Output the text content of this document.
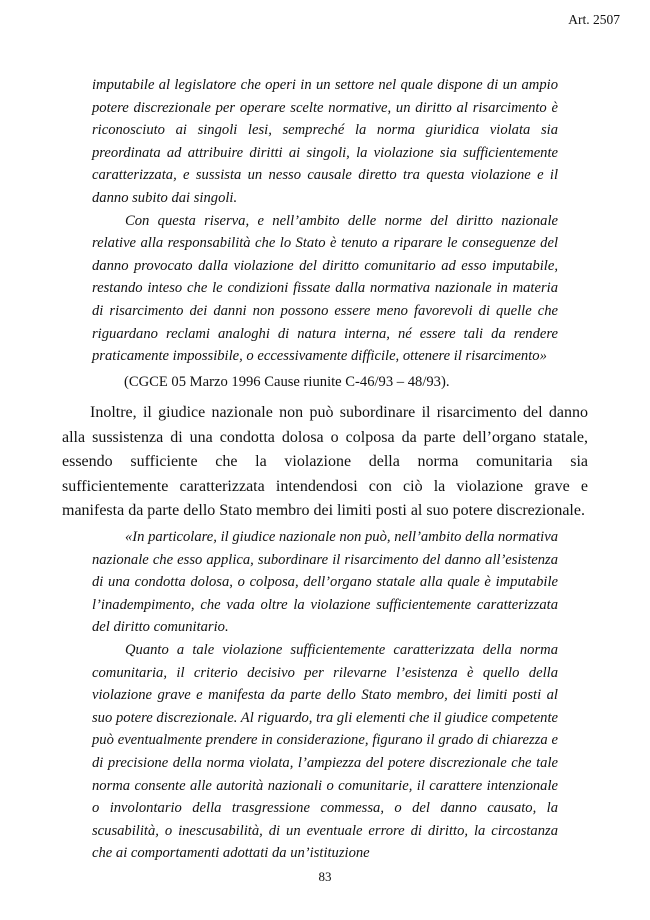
Art. 2507

imputabile al legislatore che operi in un settore nel quale dispone di un ampio potere discrezionale per operare scelte normative, un diritto al risarcimento è riconosciuto ai singoli lesi, sempreché la norma giuridica violata sia preordinata ad attribuire diritti ai singoli, la violazione sia sufficientemente caratterizzata, e sussista un nesso causale diretto tra questa violazione e il danno subito dai singoli.

Con questa riserva, e nell’ambito delle norme del diritto nazionale relative alla responsabilità che lo Stato è tenuto a riparare le conseguenze del danno provocato dalla violazione del diritto comunitario ad esso imputabile, restando inteso che le condizioni fissate dalla normativa nazionale in materia di risarcimento dei danni non possono essere meno favorevoli di quelle che riguardano reclami analoghi di natura interna, né essere tali da rendere praticamente impossibile, o eccessivamente difficile, ottenere il risarcimento»

(CGCE 05 Marzo 1996 Cause riunite C-46/93 – 48/93).

Inoltre, il giudice nazionale non può subordinare il risarcimento del danno alla sussistenza di una condotta dolosa o colposa da parte dell’organo statale, essendo sufficiente che la violazione della norma comunitaria sia sufficientemente caratterizzata intendendosi con ciò la violazione grave e manifesta da parte dello Stato membro dei limiti posti al suo potere discrezionale.

«In particolare, il giudice nazionale non può, nell’ambito della normativa nazionale che esso applica, subordinare il risarcimento del danno all’esistenza di una condotta dolosa, o colposa, dell’organo statale alla quale è imputabile l’inadempimento, che vada oltre la violazione sufficientemente caratterizzata del diritto comunitario.

Quanto a tale violazione sufficientemente caratterizzata della norma comunitaria, il criterio decisivo per rilevarne l’esistenza è quello della violazione grave e manifesta da parte dello Stato membro, dei limiti posti al suo potere discrezionale. Al riguardo, tra gli elementi che il giudice competente può eventualmente prendere in considerazione, figurano il grado di chiarezza e di precisione della norma violata, l’ampiezza del potere discrezionale che tale norma consente alle autorità nazionali o comunitarie, il carattere intenzionale o involontario della trasgressione commessa, o del danno causato, la scusabilità, o inescusabilità, di un eventuale errore di diritto, la circostanza che ai comportamenti adottati da un’istituzione

83
